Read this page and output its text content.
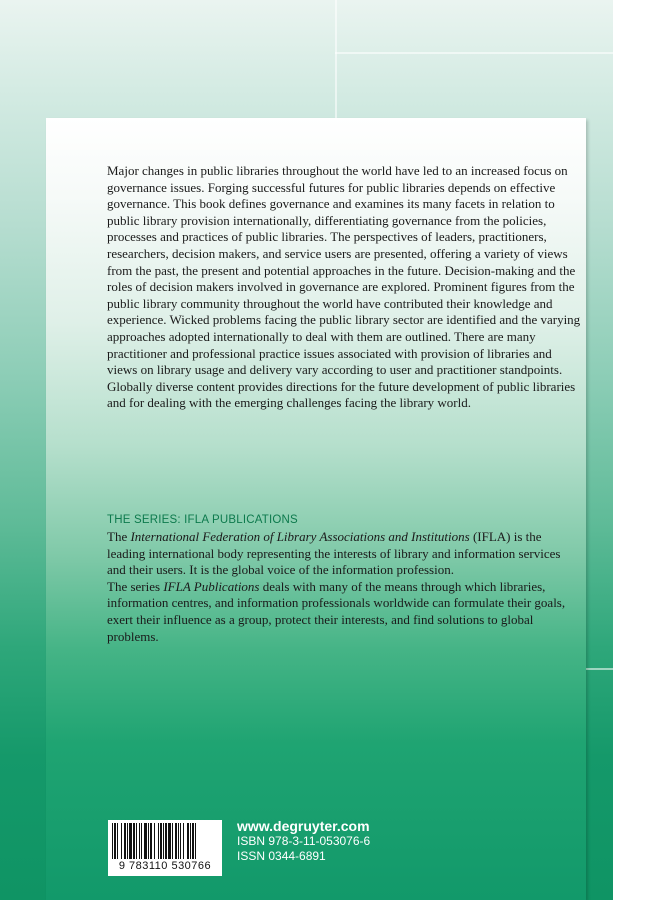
Major changes in public libraries throughout the world have led to an increased focus on governance issues. Forging successful futures for public libraries depends on effective governance. This book defines governance and examines its many facets in relation to public library provision internationally, differentiating governance from the policies, processes and practices of public libraries. The perspectives of leaders, practitioners, researchers, decision makers, and service users are presented, offering a variety of views from the past, the present and potential approaches in the future. Decision-making and the roles of decision makers involved in governance are explored. Prominent figures from the public library community throughout the world have contributed their knowledge and experience. Wicked problems facing the public library sector are identified and the varying approaches adopted internationally to deal with them are outlined. There are many practitioner and professional practice issues associated with provision of libraries and views on library usage and delivery vary according to user and practitioner standpoints. Globally diverse content provides directions for the future development of public libraries and for dealing with the emerging challenges facing the library world.

THE SERIES: IFLA PUBLICATIONS

The International Federation of Library Associations and Institutions (IFLA) is the leading international body representing the interests of library and information services and their users. It is the global voice of the information profession.

The series IFLA Publications deals with many of the means through which libraries, information centres, and information professionals worldwide can formulate their goals, exert their influence as a group, protect their interests, and find solutions to global problems.

9 783110 530766
www.degruyter.com
ISBN 978-3-11-053076-6
ISSN 0344-6891
